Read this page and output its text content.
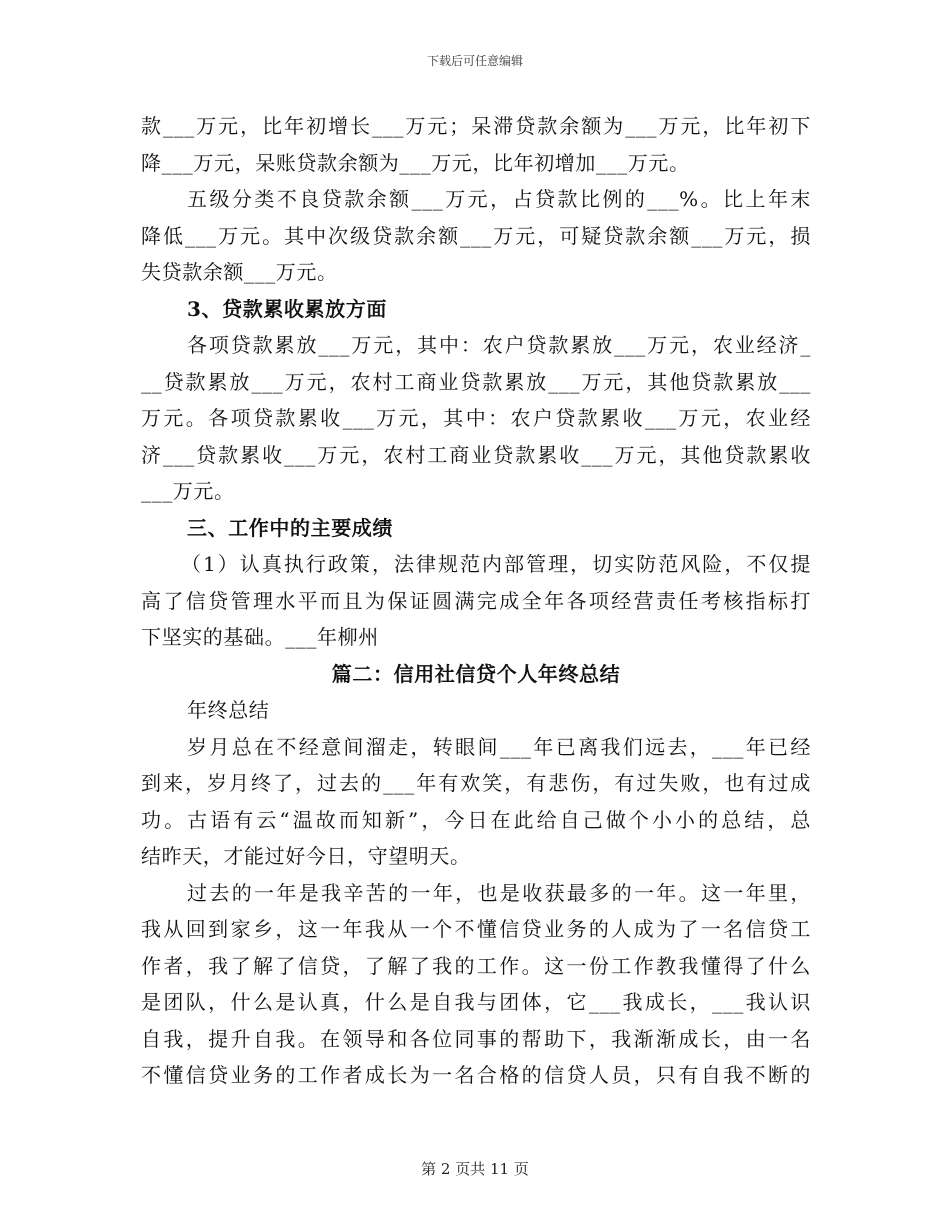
下载后可任意编辑
款___万元，比年初增长___万元；呆滞贷款余额为___万元，比年初下
降___万元，呆账贷款余额为___万元，比年初增加___万元。
五级分类不良贷款余额___万元，占贷款比例的___%。比上年末
降低___万元。其中次级贷款余额___万元，可疑贷款余额___万元，损
失贷款余额___万元。
3、贷款累收累放方面
各项贷款累放___万元，其中：农户贷款累放___万元，农业经济_
__贷款累放___万元，农村工商业贷款累放___万元，其他贷款累放___
万元。各项贷款累收___万元，其中：农户贷款累收___万元，农业经
济___贷款累收___万元，农村工商业贷款累收___万元，其他贷款累收
___万元。
三、工作中的主要成绩
（1）认真执行政策，法律规范内部管理，切实防范风险，不仅提
高了信贷管理水平而且为保证圆满完成全年各项经营责任考核指标打
下坚实的基础。___年柳州
篇二：信用社信贷个人年终总结
年终总结
岁月总在不经意间溜走，转眼间___年已离我们远去，___年已经
到来，岁月终了，过去的___年有欢笑，有悲伤，有过失败，也有过成
功。古语有云“温故而知新”，今日在此给自己做个小小的总结，总
结昨天，才能过好今日，守望明天。
过去的一年是我辛苦的一年，也是收获最多的一年。这一年里，
我从回到家乡，这一年我从一个不懂信贷业务的人成为了一名信贷工
作者，我了解了信贷，了解了我的工作。这一份工作教我懂得了什么
是团队，什么是认真，什么是自我与团体，它___我成长，___我认识
自我，提升自我。在领导和各位同事的帮助下，我渐渐成长，由一名
不懂信贷业务的工作者成长为一名合格的信贷人员，只有自我不断的
第 2 页共 11 页
